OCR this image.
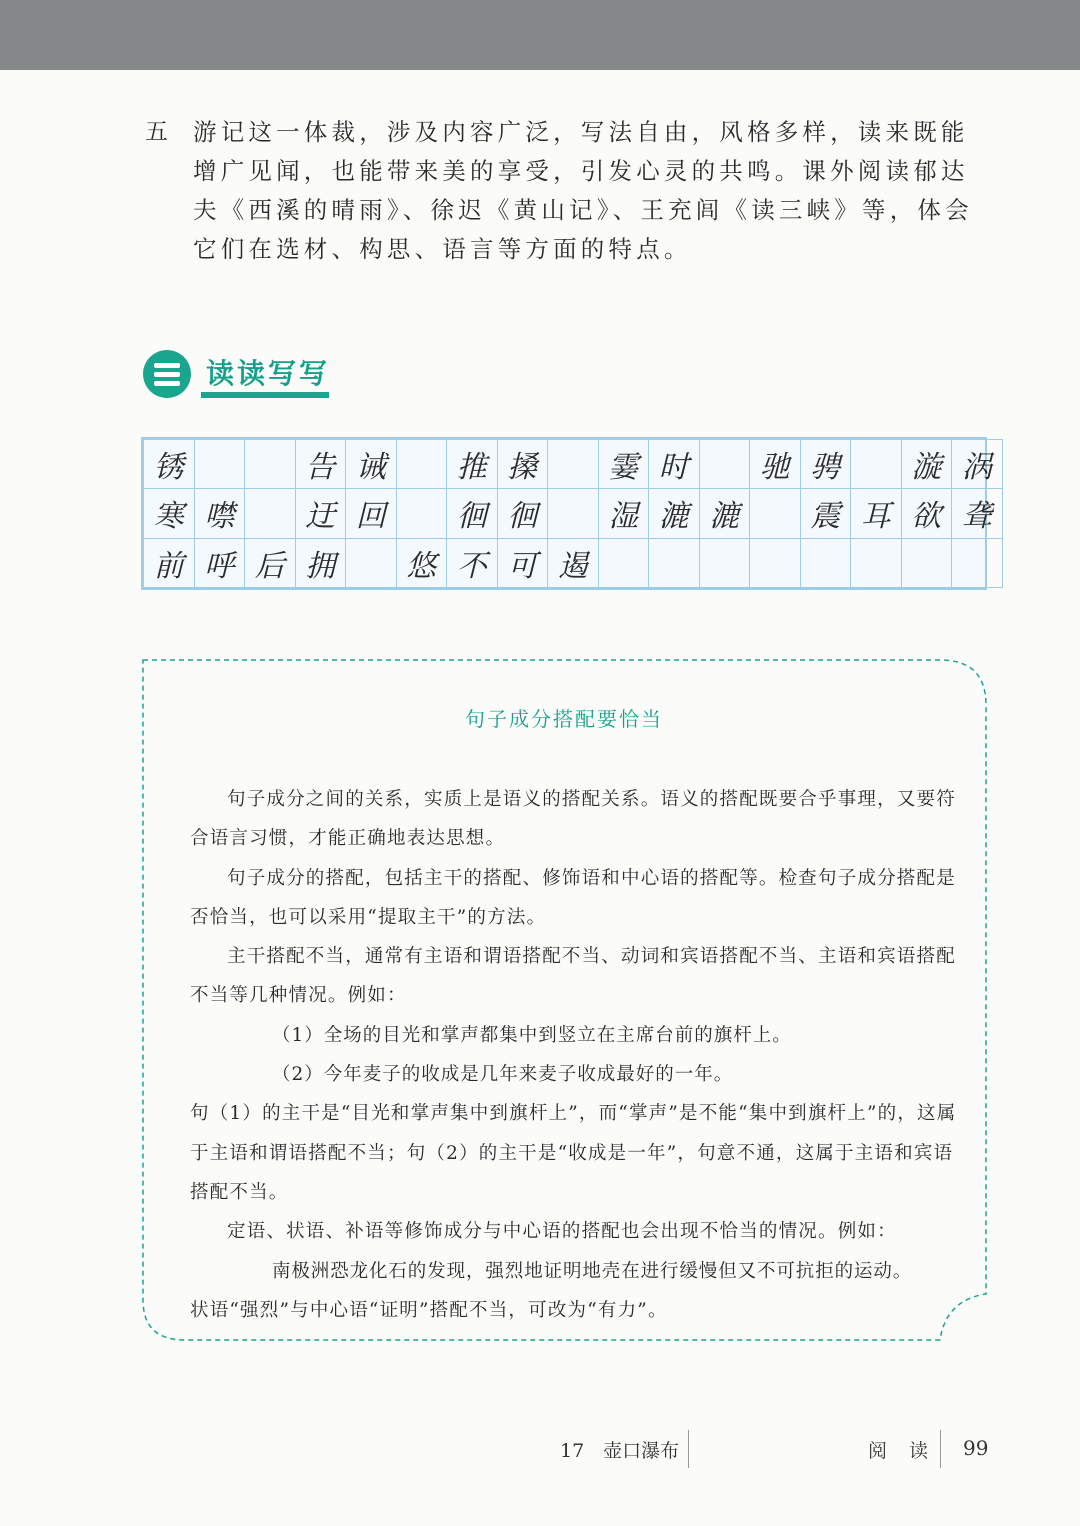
五 游记这一体裁，涉及内容广泛，写法自由，风格多样，读来既能增广见闻，也能带来美的享受，引发心灵的共鸣。课外阅读郁达夫《西溪的晴雨》、徐迟《黄山记》、王充闾《读三峡》等，体会它们在选材、构思、语言等方面的特点。

读读写写
锈			告	诫		推	搡		霎	时		驰	骋		漩	涡
寒	噤		迂	回		徊	徊		湿	漉	漉		震	耳	欲	聋
前	呼	后	拥		悠	不	可	遏								
句子成分搭配要恰当

句子成分之间的关系，实质上是语义的搭配关系。语义的搭配既要合乎事理，又要符合语言习惯，才能正确地表达思想。

句子成分的搭配，包括主干的搭配、修饰语和中心语的搭配等。检查句子成分搭配是否恰当，也可以采用“提取主干”的方法。

主干搭配不当，通常有主语和谓语搭配不当、动词和宾语搭配不当、主语和宾语搭配不当等几种情况。例如：

（1）全场的目光和掌声都集中到竖立在主席台前的旗杆上。

（2）今年麦子的收成是几年来麦子收成最好的一年。

句（1）的主干是“目光和掌声集中到旗杆上”，而“掌声”是不能“集中到旗杆上”的，这属于主语和谓语搭配不当；句（2）的主干是“收成是一年”，句意不通，这属于主语和宾语搭配不当。

定语、状语、补语等修饰成分与中心语的搭配也会出现不恰当的情况。例如：

南极洲恐龙化石的发现，强烈地证明地壳在进行缓慢但又不可抗拒的运动。

状语“强烈”与中心语“证明”搭配不当，可改为“有力”。

17　壶口瀑布	阅 读 99
